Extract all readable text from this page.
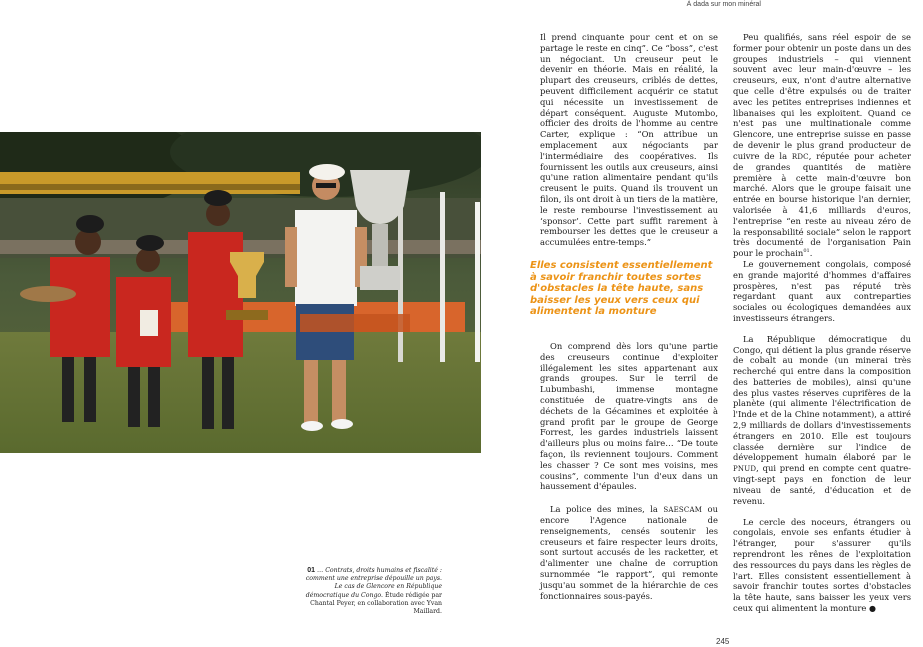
À dada sur mon minéral
01 … Contrats, droits humains et fiscalité : comment une entreprise dépouille un pays. Le cas de Glencore en République démocratique du Congo. Étude rédigée par Chantal Peyer, en collaboration avec Yvan Maillard.

Il prend cinquante pour cent et on se partage le reste en cinq”. Ce “boss”, c'est un négociant. Un creuseur peut le devenir en théorie. Mais en réalité, la plupart des creuseurs, criblés de dettes, peuvent difficilement acquérir ce statut qui nécessite un investissement de départ conséquent. Auguste Mutombo, officier des droits de l'homme au centre Carter, explique : “On attribue un emplacement aux négociants par l'intermédiaire des coopératives. Ils fournissent les outils aux creuseurs, ainsi qu'une ration alimentaire pendant qu'ils creusent le puits. Quand ils trouvent un filon, ils ont droit à un tiers de la matière, le reste rembourse l'investissement au ‘sponsor’. Cette part suffit rarement à rembourser les dettes que le creuseur a accumulées entre-temps.”

On comprend dès lors qu'une partie des creuseurs continue d'exploiter illégalement les sites appartenant aux grands groupes. Sur le terril de Lubumbashi, immense montagne constituée de quatre-vingts ans de déchets de la Gécamines et exploitée à grand profit par le groupe de George Forrest, les gardes industriels laissent d'ailleurs plus ou moins faire… “De toute façon, ils reviennent toujours. Comment les chasser ? Ce sont mes voisins, mes cousins”, commente l'un d'eux dans un haussement d'épaules.

La police des mines, la SAESCAM ou encore l'Agence nationale de renseignements, censés soutenir les creuseurs et faire respecter leurs droits, sont surtout accusés de les racketter, et d'alimenter une chaîne de corruption surnommée “le rapport”, qui remonte jusqu'au sommet de la hiérarchie de ces fonctionnaires sous-payés.

Elles consistent essentiellement à savoir franchir toutes sortes d'obstacles la tête haute, sans baisser les yeux vers ceux qui alimentent la monture

Peu qualifiés, sans réel espoir de se former pour obtenir un poste dans un des groupes industriels – qui viennent souvent avec leur main-d'œuvre – les creuseurs, eux, n'ont d'autre alternative que celle d'être expulsés ou de traiter avec les petites entreprises indiennes et libanaises qui les exploitent. Quand ce n'est pas une multinationale comme Glencore, une entreprise suisse en passe de devenir le plus grand producteur de cuivre de la RDC, réputée pour acheter de grandes quantités de matière première à cette main-d'œuvre bon marché. Alors que le groupe faisait une entrée en bourse historique l'an dernier, valorisée à 41,6 milliards d'euros, l'entreprise “en reste au niveau zéro de la responsabilité sociale” selon le rapport très documenté de l'organisation Pain pour le prochain$^{01}$.

Le gouvernement congolais, composé en grande majorité d'hommes d'affaires prospères, n'est pas réputé très regardant quant aux contreparties sociales ou écologiques demandées aux investisseurs étrangers.

La République démocratique du Congo, qui détient la plus grande réserve de cobalt au monde (un minerai très recherché qui entre dans la composition des batteries de mobiles), ainsi qu'une des plus vastes réserves cuprifères de la planète (qui alimente l'électrification de l'Inde et de la Chine notamment), a attiré 2,9 milliards de dollars d'investissements étrangers en 2010. Elle est toujours classée dernière sur l'indice de développement humain élaboré par le PNUD, qui prend en compte cent quatre-vingt-sept pays en fonction de leur niveau de santé, d'éducation et de revenu.

Le cercle des noceurs, étrangers ou congolais, envoie ses enfants étudier à l'étranger, pour s'assurer qu'ils reprendront les rênes de l'exploitation des ressources du pays dans les règles de l'art. Elles consistent essentiellement à savoir franchir toutes sortes d'obstacles la tête haute, sans baisser les yeux vers ceux qui alimentent la monture ●

245
